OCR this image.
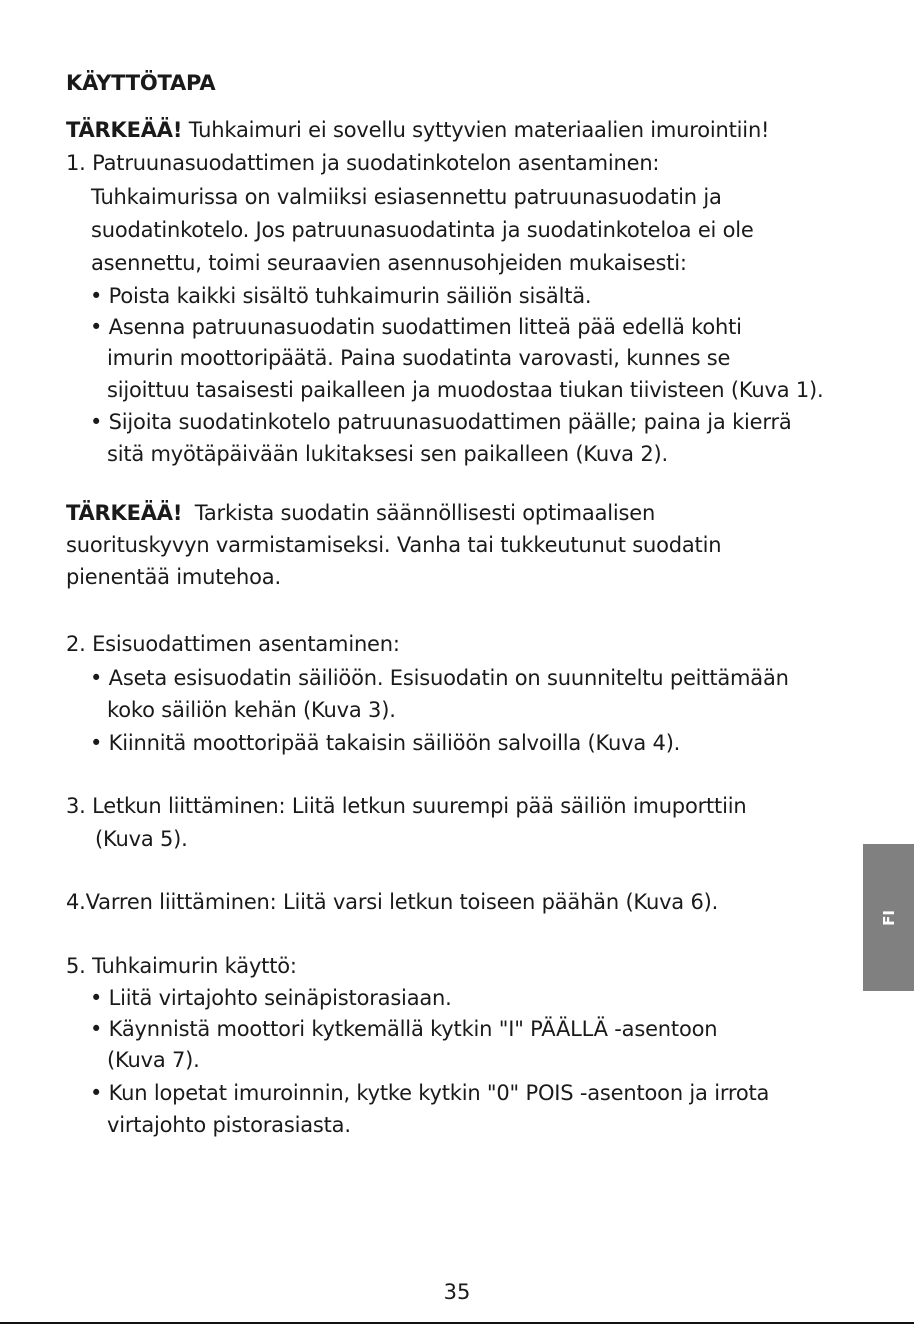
KÄYTTÖTAPA
TÄRKEÄÄ! Tuhkaimuri ei sovellu syttyvien materiaalien imurointiin!
1. Patruunasuodattimen ja suodatinkotelon asentaminen:
Tuhkaimurissa on valmiiksi esiasennettu patruunasuodatin ja
suodatinkotelo. Jos patruunasuodatinta ja suodatinkoteloa ei ole
asennettu, toimi seuraavien asennusohjeiden mukaisesti:
• Poista kaikki sisältö tuhkaimurin säiliön sisältä.
• Asenna patruunasuodatin suodattimen litteä pää edellä kohti
imurin moottoripäätä. Paina suodatinta varovasti, kunnes se
sijoittuu tasaisesti paikalleen ja muodostaa tiukan tiivisteen (Kuva 1).
• Sijoita suodatinkotelo patruunasuodattimen päälle; paina ja kierrä
sitä myötäpäivään lukitaksesi sen paikalleen (Kuva 2).
TÄRKEÄÄ! Tarkista suodatin säännöllisesti optimaalisen
suorituskyvyn varmistamiseksi. Vanha tai tukkeutunut suodatin
pienentää imutehoa.
2. Esisuodattimen asentaminen:
• Aseta esisuodatin säiliöön. Esisuodatin on suunniteltu peittämään
koko säiliön kehän (Kuva 3).
• Kiinnitä moottoripää takaisin säiliöön salvoilla (Kuva 4).
3. Letkun liittäminen: Liitä letkun suurempi pää säiliön imuporttiin
(Kuva 5).
4.Varren liittäminen: Liitä varsi letkun toiseen päähän (Kuva 6).
5. Tuhkaimurin käyttö:
• Liitä virtajohto seinäpistorasiaan.
• Käynnistä moottori kytkemällä kytkin "I" PÄÄLLÄ -asentoon
(Kuva 7).
• Kun lopetat imuroinnin, kytke kytkin "0" POIS -asentoon ja irrota
virtajohto pistorasiasta.
FI
35
